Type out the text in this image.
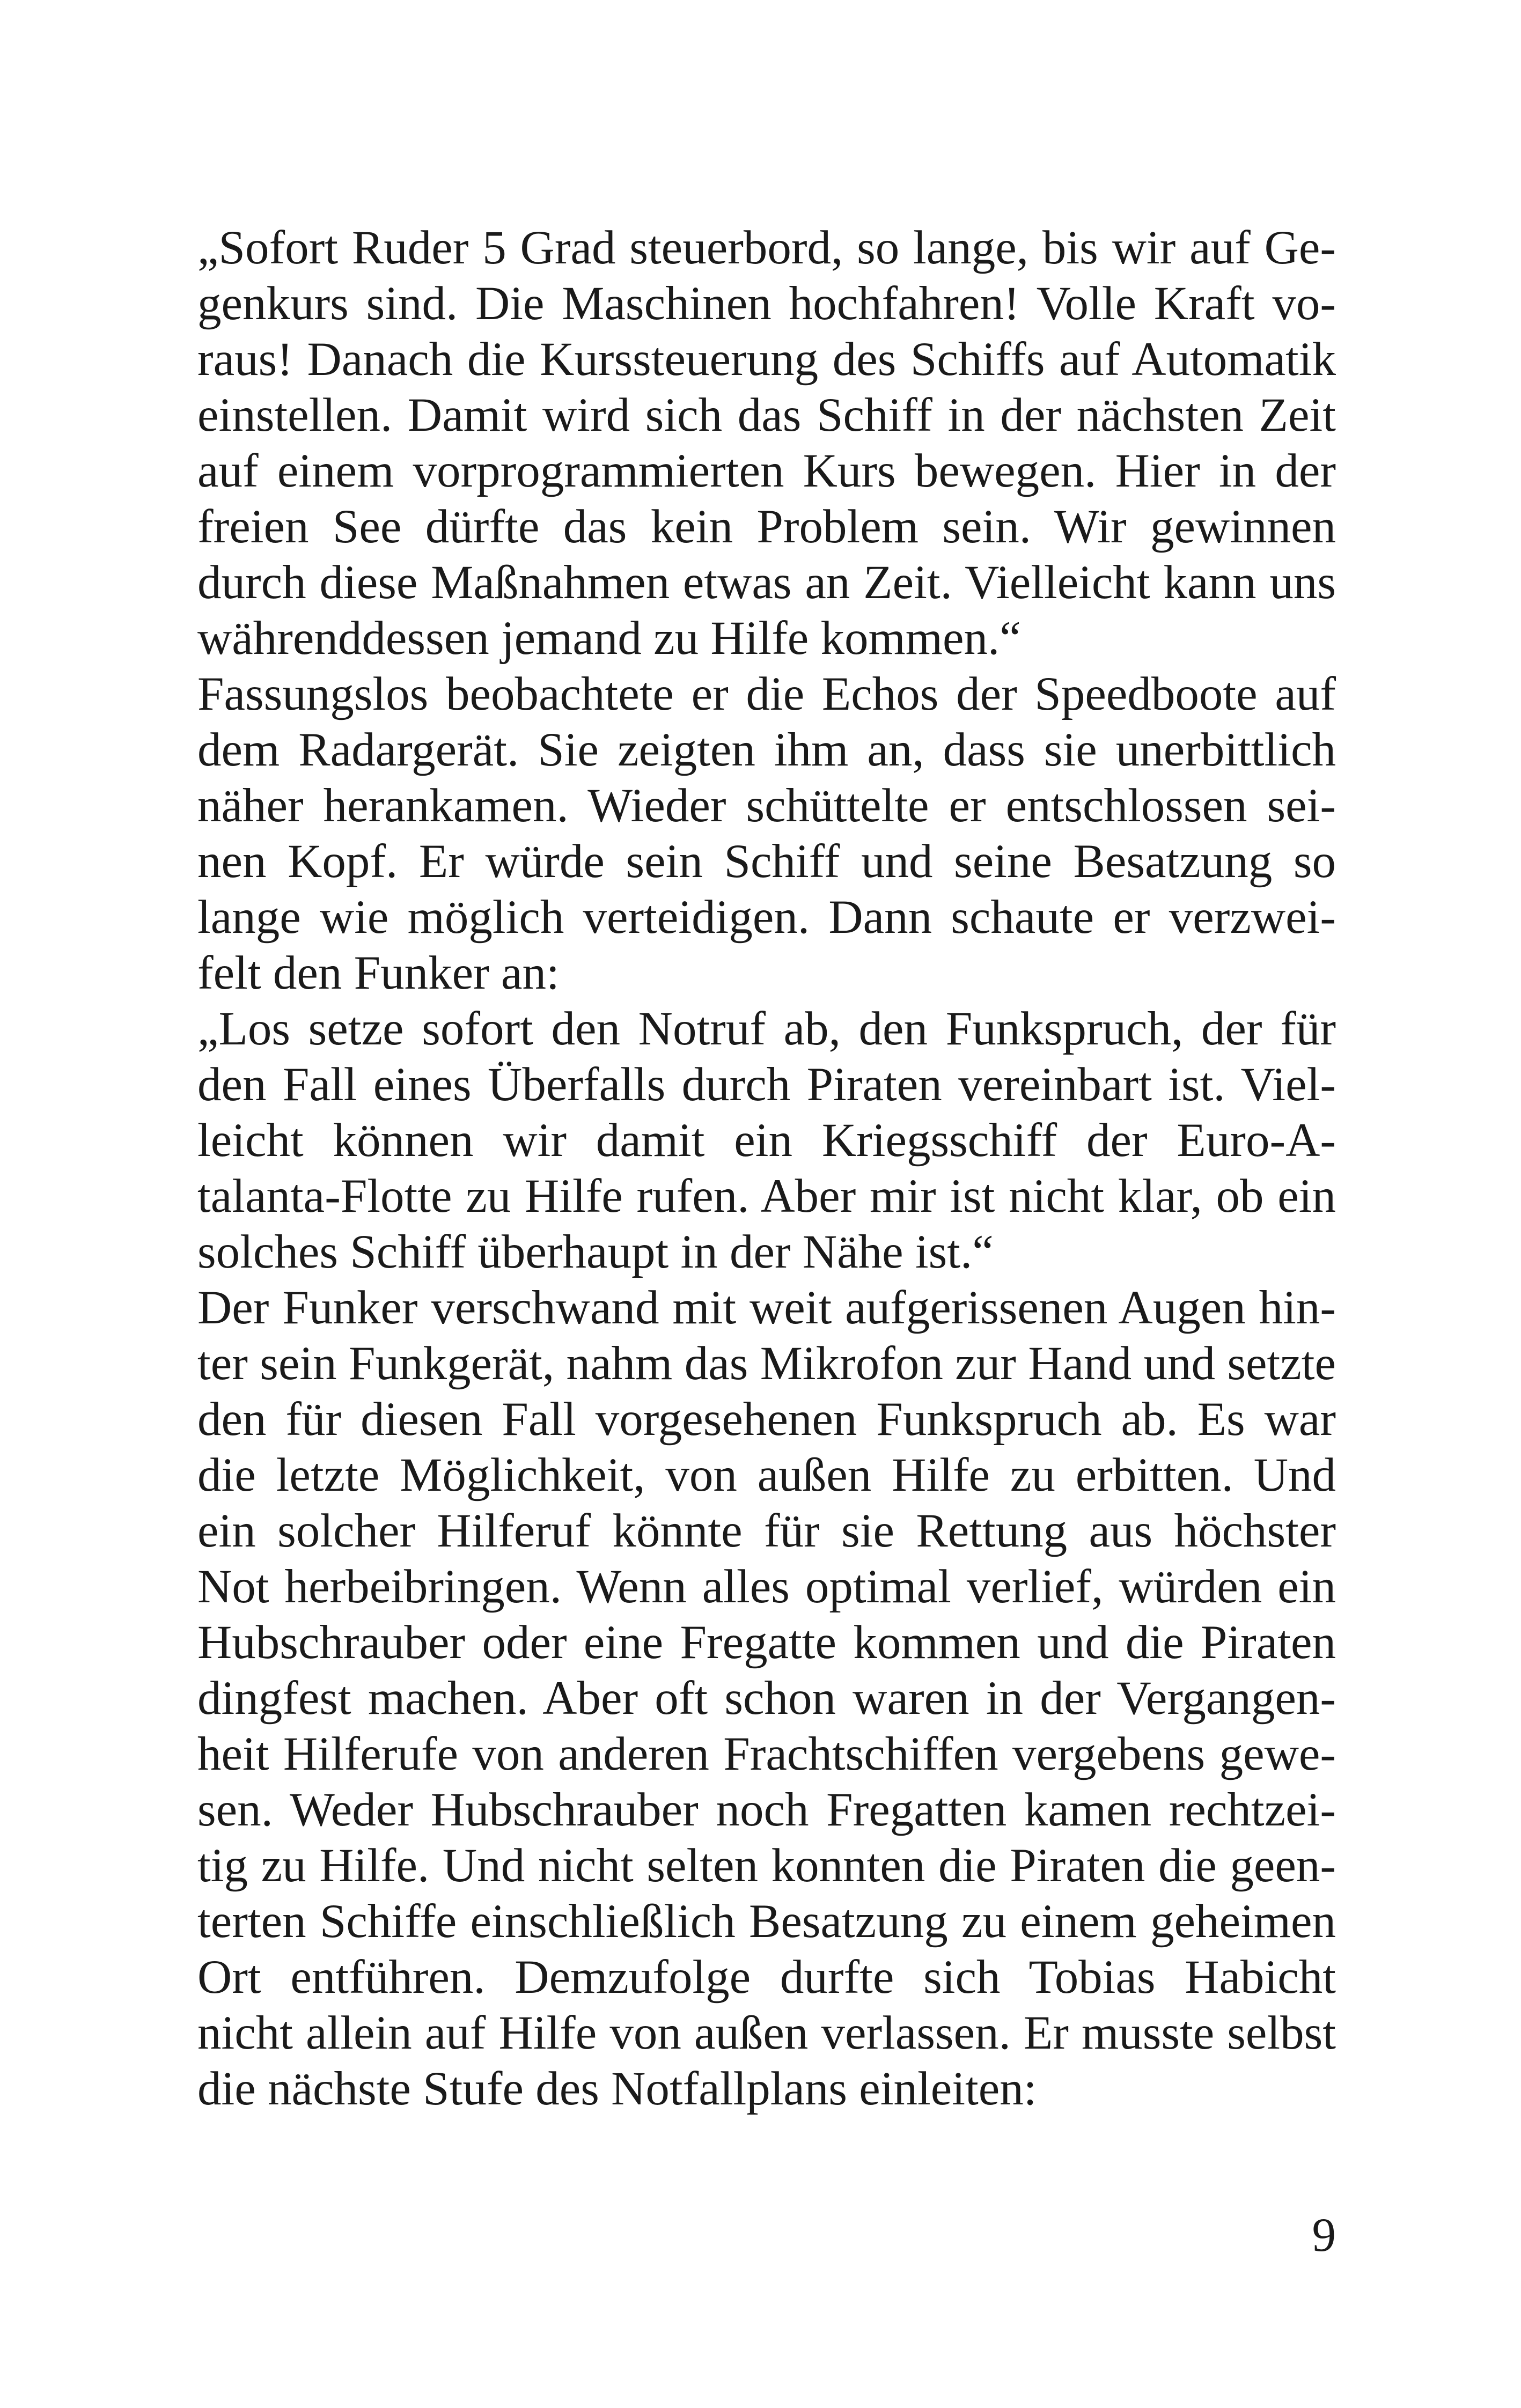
„Sofort Ruder 5 Grad steuerbord, so lange, bis wir auf Ge-
genkurs sind. Die Maschinen hochfahren! Volle Kraft vo-
raus! Danach die Kurssteuerung des Schiffs auf Automatik
einstellen. Damit wird sich das Schiff in der nächsten Zeit
auf einem vorprogrammierten Kurs bewegen. Hier in der
freien See dürfte das kein Problem sein. Wir gewinnen
durch diese Maßnahmen etwas an Zeit. Vielleicht kann uns
währenddessen jemand zu Hilfe kommen.“
Fassungslos beobachtete er die Echos der Speedboote auf
dem Radargerät. Sie zeigten ihm an, dass sie unerbittlich
näher herankamen. Wieder schüttelte er entschlossen sei-
nen Kopf. Er würde sein Schiff und seine Besatzung so
lange wie möglich verteidigen. Dann schaute er verzwei-
felt den Funker an:
„Los setze sofort den Notruf ab, den Funkspruch, der für
den Fall eines Überfalls durch Piraten vereinbart ist. Viel-
leicht können wir damit ein Kriegsschiff der Euro-A-
talanta-Flotte zu Hilfe rufen. Aber mir ist nicht klar, ob ein
solches Schiff überhaupt in der Nähe ist.“
Der Funker verschwand mit weit aufgerissenen Augen hin-
ter sein Funkgerät, nahm das Mikrofon zur Hand und setzte
den für diesen Fall vorgesehenen Funkspruch ab. Es war
die letzte Möglichkeit, von außen Hilfe zu erbitten. Und
ein solcher Hilferuf könnte für sie Rettung aus höchster
Not herbeibringen. Wenn alles optimal verlief, würden ein
Hubschrauber oder eine Fregatte kommen und die Piraten
dingfest machen. Aber oft schon waren in der Vergangen-
heit Hilferufe von anderen Frachtschiffen vergebens gewe-
sen. Weder Hubschrauber noch Fregatten kamen rechtzei-
tig zu Hilfe. Und nicht selten konnten die Piraten die geen-
terten Schiffe einschließlich Besatzung zu einem geheimen
Ort entführen. Demzufolge durfte sich Tobias Habicht
nicht allein auf Hilfe von außen verlassen. Er musste selbst
die nächste Stufe des Notfallplans einleiten:
9
